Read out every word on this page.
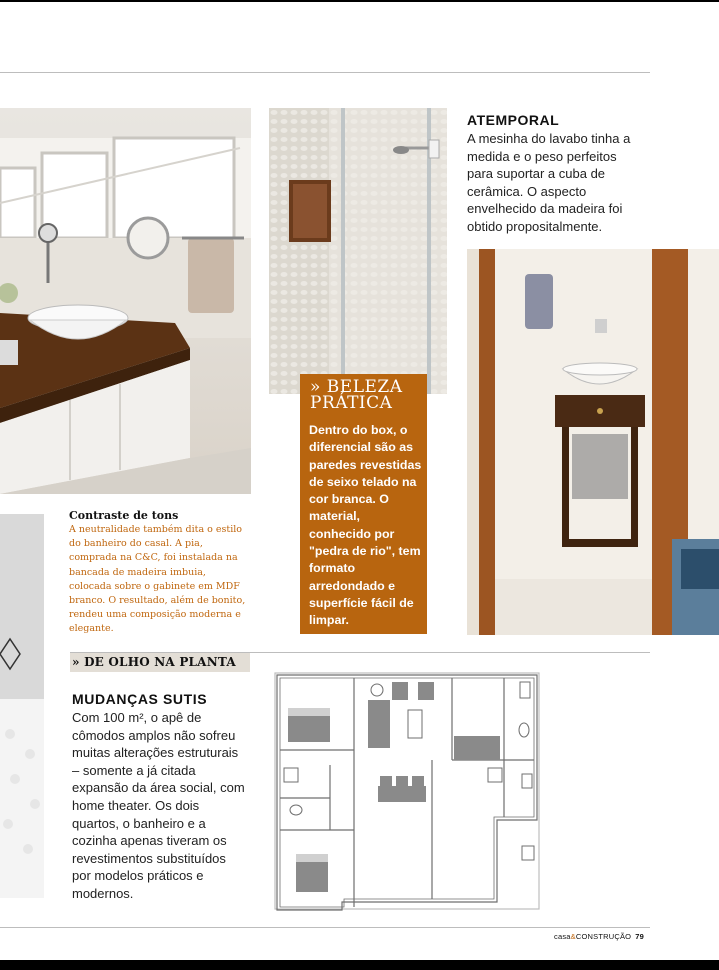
» BELEZA
PRÁTICA
Dentro do box, o diferencial são as paredes revestidas de seixo telado na cor branca. O material, conhecido por "pedra de rio", tem formato arredondado e superfície fácil de limpar.
ATEMPORAL
A mesinha do lavabo tinha a medida e o peso perfeitos para suportar a cuba de cerâmica. O aspecto envelhecido da madeira foi obtido propositalmente.
Contraste de tons
A neutralidade também dita o estilo do banheiro do casal. A pia, comprada na C&C, foi instalada na bancada de madeira imbuia, colocada sobre o gabinete em MDF branco. O resultado, além de bonito, rendeu uma composição moderna e elegante.
» DE OLHO NA PLANTA
MUDANÇAS SUTIS
Com 100 m², o apê de cômodos amplos não sofreu muitas alterações estruturais – somente a já citada expansão da área social, com home theater. Os dois quartos, o banheiro e a cozinha apenas tiveram os revestimentos substituídos por modelos práticos e modernos.
casa&CONSTRUÇÃO 79
